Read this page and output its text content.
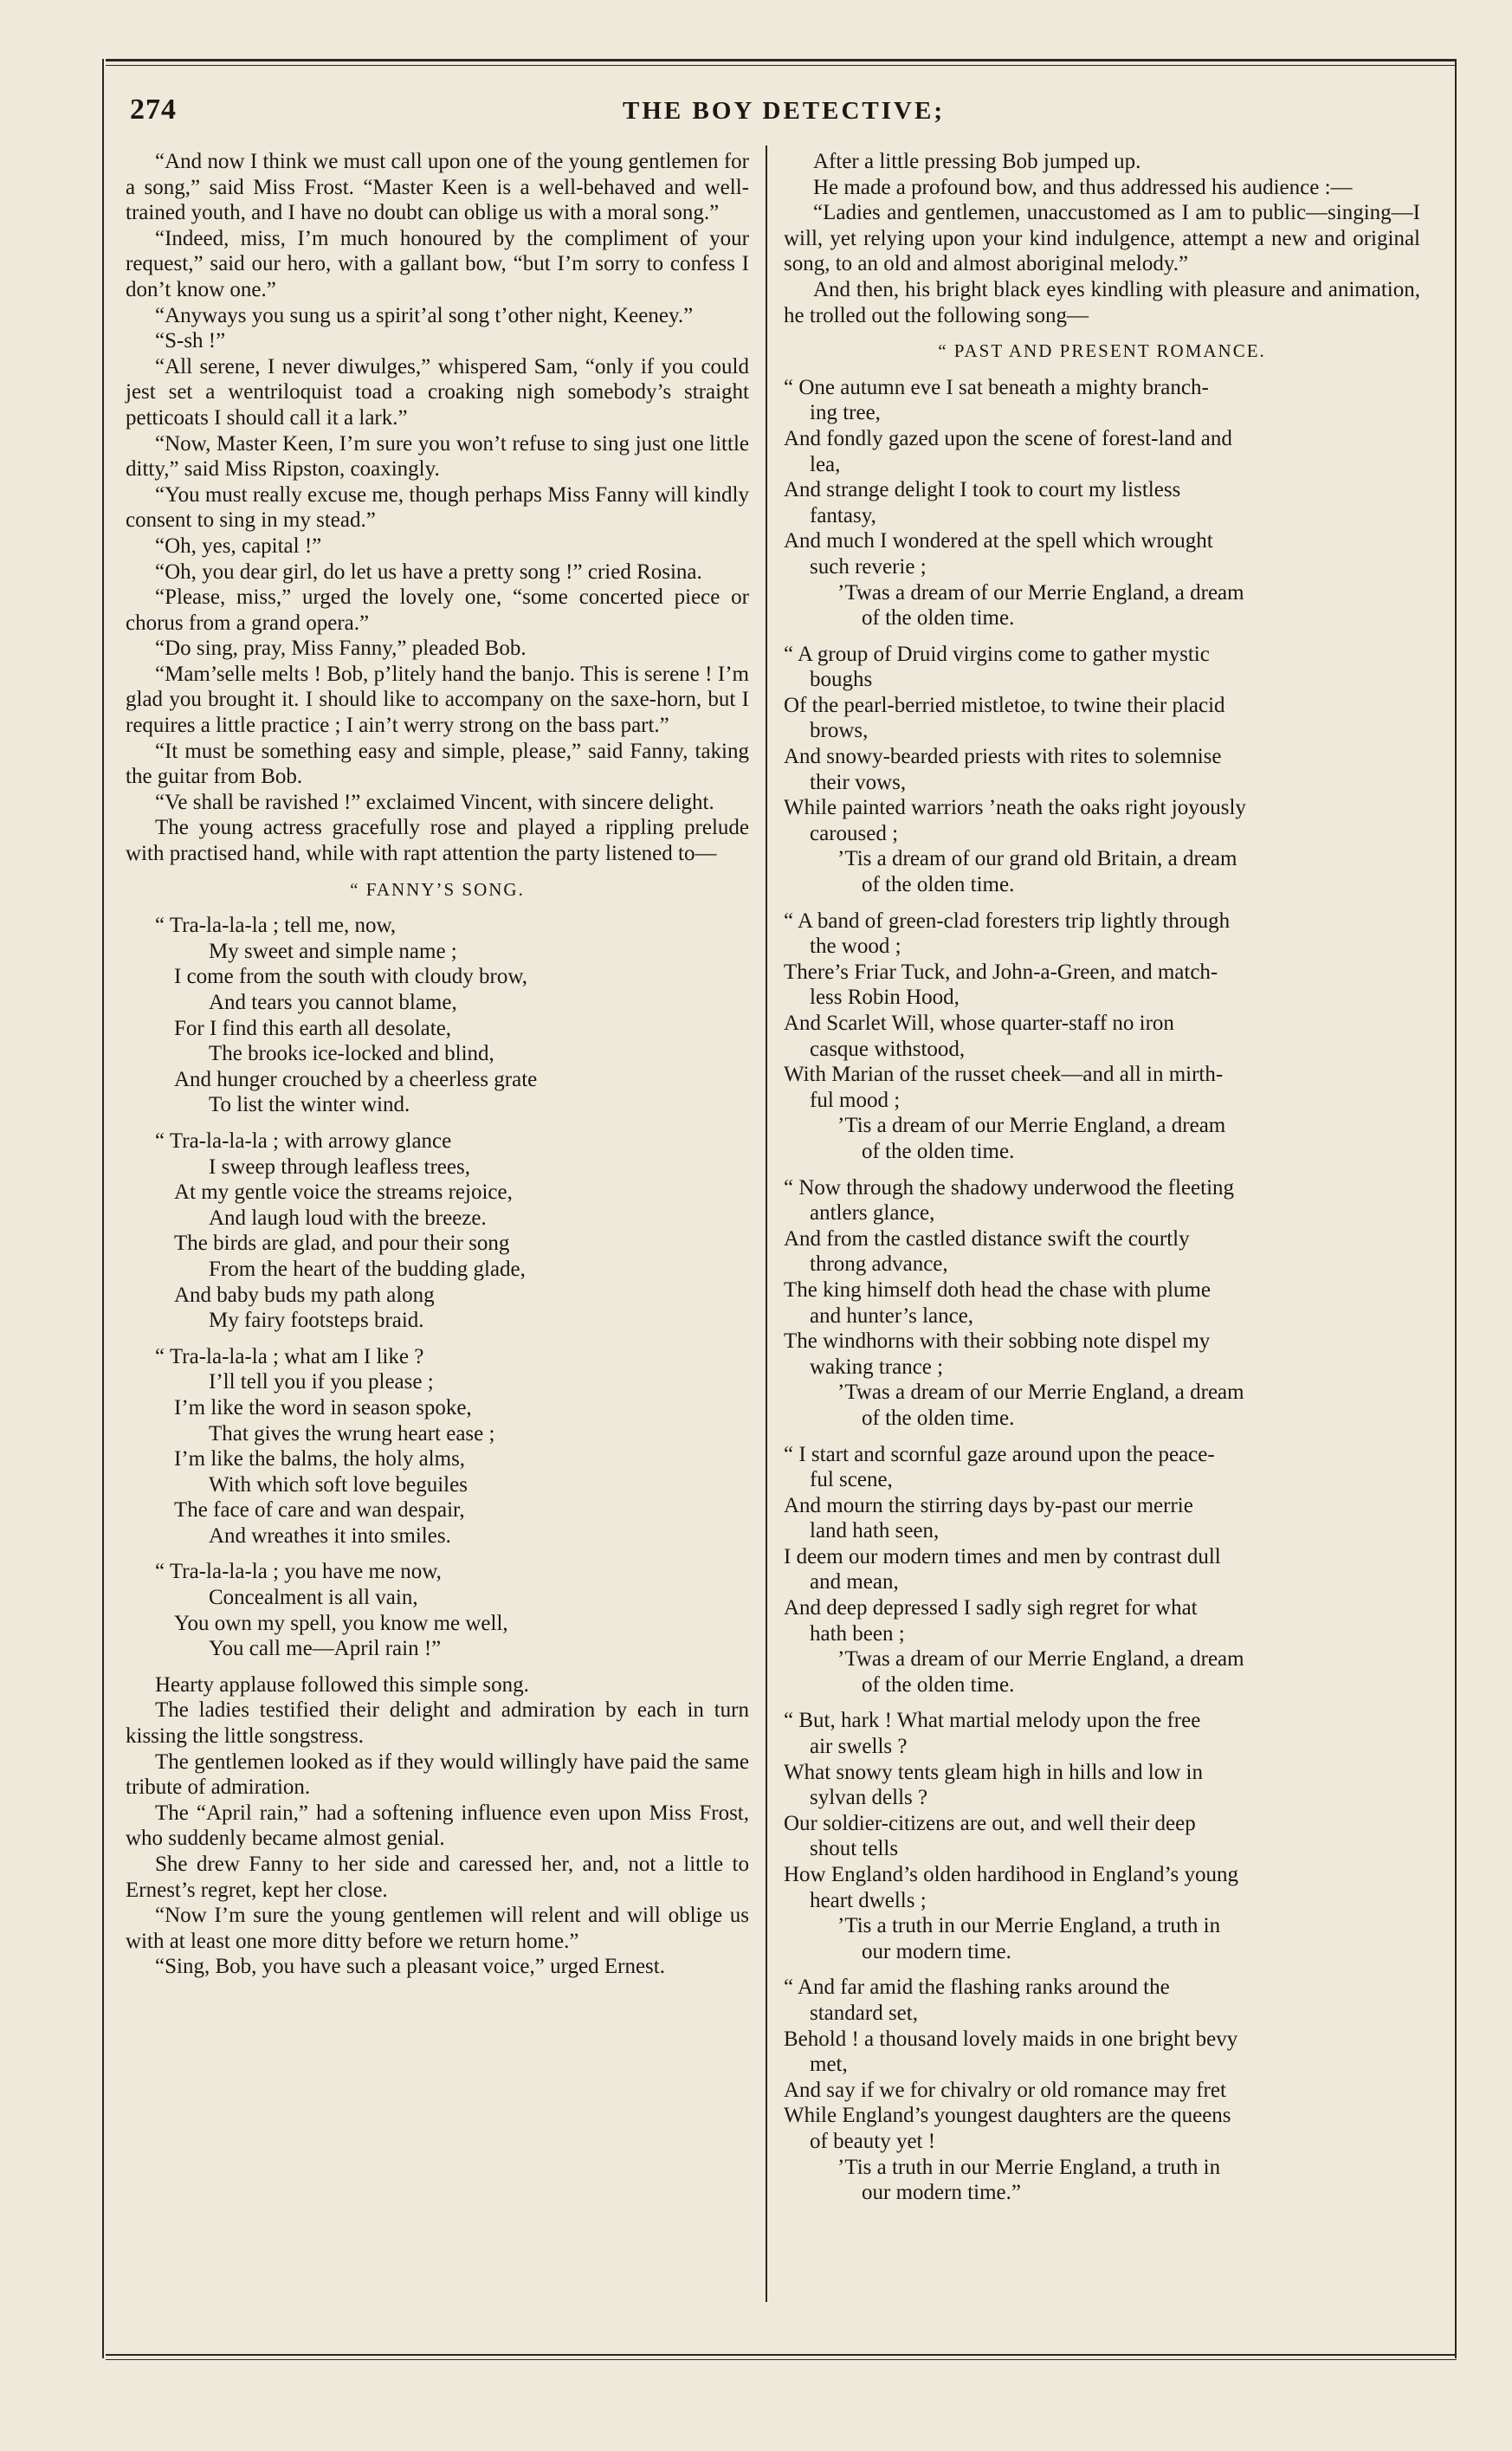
274	THE BOY DETECTIVE;

“And now I think we must call upon one of the young gentlemen for a song,” said Miss Frost. “Master Keen is a well-behaved and well-trained youth, and I have no doubt can oblige us with a moral song.”

“Indeed, miss, I’m much honoured by the compliment of your request,” said our hero, with a gallant bow, “but I’m sorry to confess I don’t know one.”

“Anyways you sung us a spirit’al song t’other night, Keeney.”

“S-sh !”

“All serene, I never diwulges,” whispered Sam, “only if you could jest set a wentriloquist toad a croaking nigh somebody’s straight petticoats I should call it a lark.”

“Now, Master Keen, I’m sure you won’t refuse to sing just one little ditty,” said Miss Ripston, coaxingly.

“You must really excuse me, though perhaps Miss Fanny will kindly consent to sing in my stead.”

“Oh, yes, capital !”

“Oh, you dear girl, do let us have a pretty song !” cried Rosina.

“Please, miss,” urged the lovely one, “some concerted piece or chorus from a grand opera.”

“Do sing, pray, Miss Fanny,” pleaded Bob.

“Mam’selle melts ! Bob, p’litely hand the banjo. This is serene ! I’m glad you brought it. I should like to accompany on the saxe-horn, but I requires a little practice ; I ain’t werry strong on the bass part.”

“It must be something easy and simple, please,” said Fanny, taking the guitar from Bob.

“Ve shall be ravished !” exclaimed Vincent, with sincere delight.

The young actress gracefully rose and played a rippling prelude with practised hand, while with rapt attention the party listened to—

“ FANNY’S SONG.
“ Tra-la-la-la ; tell me, now,
My sweet and simple name ;
I come from the south with cloudy brow,
And tears you cannot blame,
For I find this earth all desolate,
The brooks ice-locked and blind,
And hunger crouched by a cheerless grate
To list the winter wind.
“ Tra-la-la-la ; with arrowy glance
I sweep through leafless trees,
At my gentle voice the streams rejoice,
And laugh loud with the breeze.
The birds are glad, and pour their song
From the heart of the budding glade,
And baby buds my path along
My fairy footsteps braid.
“ Tra-la-la-la ; what am I like ?
I’ll tell you if you please ;
I’m like the word in season spoke,
That gives the wrung heart ease ;
I’m like the balms, the holy alms,
With which soft love beguiles
The face of care and wan despair,
And wreathes it into smiles.
“ Tra-la-la-la ; you have me now,
Concealment is all vain,
You own my spell, you know me well,
You call me—April rain !”

Hearty applause followed this simple song.

The ladies testified their delight and admiration by each in turn kissing the little songstress.

The gentlemen looked as if they would willingly have paid the same tribute of admiration.

The “April rain,” had a softening influence even upon Miss Frost, who suddenly became almost genial.

She drew Fanny to her side and caressed her, and, not a little to Ernest’s regret, kept her close.

“Now I’m sure the young gentlemen will relent and will oblige us with at least one more ditty before we return home.”

“Sing, Bob, you have such a pleasant voice,” urged Ernest.

After a little pressing Bob jumped up.

He made a profound bow, and thus addressed his audience :—

“Ladies and gentlemen, unaccustomed as I am to public—singing—I will, yet relying upon your kind indulgence, attempt a new and original song, to an old and almost aboriginal melody.”

And then, his bright black eyes kindling with pleasure and animation, he trolled out the following song—

“ PAST AND PRESENT ROMANCE.
“ One autumn eve I sat beneath a mighty branch-
ing tree,
And fondly gazed upon the scene of forest-land and
lea,
And strange delight I took to court my listless
fantasy,
And much I wondered at the spell which wrought
such reverie ;
’Twas a dream of our Merrie England, a dream
of the olden time.
“ A group of Druid virgins come to gather mystic
boughs
Of the pearl-berried mistletoe, to twine their placid
brows,
And snowy-bearded priests with rites to solemnise
their vows,
While painted warriors ’neath the oaks right joyously
caroused ;
’Tis a dream of our grand old Britain, a dream
of the olden time.
“ A band of green-clad foresters trip lightly through
the wood ;
There’s Friar Tuck, and John-a-Green, and match-
less Robin Hood,
And Scarlet Will, whose quarter-staff no iron
casque withstood,
With Marian of the russet cheek—and all in mirth-
ful mood ;
’Tis a dream of our Merrie England, a dream
of the olden time.
“ Now through the shadowy underwood the fleeting
antlers glance,
And from the castled distance swift the courtly
throng advance,
The king himself doth head the chase with plume
and hunter’s lance,
The windhorns with their sobbing note dispel my
waking trance ;
’Twas a dream of our Merrie England, a dream
of the olden time.
“ I start and scornful gaze around upon the peace-
ful scene,
And mourn the stirring days by-past our merrie
land hath seen,
I deem our modern times and men by contrast dull
and mean,
And deep depressed I sadly sigh regret for what
hath been ;
’Twas a dream of our Merrie England, a dream
of the olden time.
“ But, hark ! What martial melody upon the free
air swells ?
What snowy tents gleam high in hills and low in
sylvan dells ?
Our soldier-citizens are out, and well their deep
shout tells
How England’s olden hardihood in England’s young
heart dwells ;
’Tis a truth in our Merrie England, a truth in
our modern time.
“ And far amid the flashing ranks around the
standard set,
Behold ! a thousand lovely maids in one bright bevy
met,
And say if we for chivalry or old romance may fret
While England’s youngest daughters are the queens
of beauty yet !
’Tis a truth in our Merrie England, a truth in
our modern time.”
